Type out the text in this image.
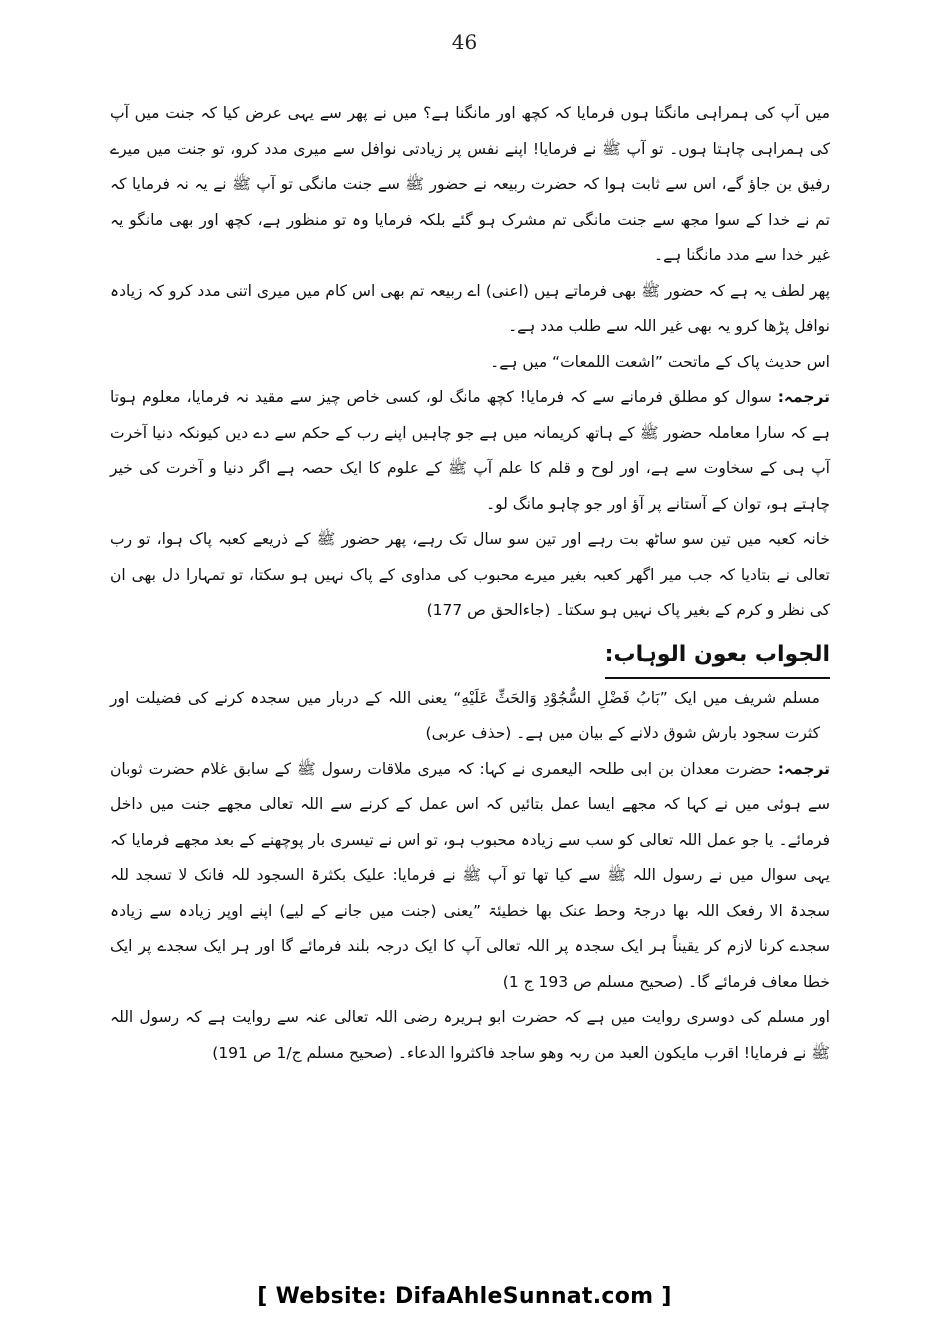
46

میں آپ کی ہمراہی مانگتا ہوں فرمایا کہ کچھ اور مانگنا ہے؟ میں نے پھر سے یہی عرض کیا کہ جنت میں آپ کی ہمراہی چاہتا ہوں۔ تو آپ ﷺ نے فرمایا! اپنے نفس پر زیادتی نوافل سے میری مدد کرو، تو جنت میں میرے رفیق بن جاؤ گے، اس سے ثابت ہوا کہ حضرت ربیعہ نے حضور ﷺ سے جنت مانگی تو آپ ﷺ نے یہ نہ فرمایا کہ تم نے خدا کے سوا مجھ سے جنت مانگی تم مشرک ہو گئے بلکہ فرمایا وہ تو منظور ہے، کچھ اور بھی مانگو یہ غیر خدا سے مدد مانگنا ہے۔

پھر لطف یہ ہے کہ حضور ﷺ بھی فرماتے ہیں (اعنی) اے ربیعہ تم بھی اس کام میں میری اتنی مدد کرو کہ زیادہ نوافل پڑھا کرو یہ بھی غیر اللہ سے طلب مدد ہے۔

اس حدیث پاک کے ماتحت ”اشعت اللمعات“ میں ہے۔

ترجمہ: سوال کو مطلق فرمانے سے کہ فرمایا! کچھ مانگ لو، کسی خاص چیز سے مقید نہ فرمایا، معلوم ہوتا ہے کہ سارا معاملہ حضور ﷺ کے ہاتھ کریمانہ میں ہے جو چاہیں اپنے رب کے حکم سے دے دیں کیونکہ دنیا آخرت آپ ہی کے سخاوت سے ہے، اور لوح و قلم کا علم آپ ﷺ کے علوم کا ایک حصہ ہے اگر دنیا و آخرت کی خیر چاہتے ہو، توان کے آستانے پر آؤ اور جو چاہو مانگ لو۔

خانہ کعبہ میں تین سو ساٹھ بت رہے اور تین سو سال تک رہے، پھر حضور ﷺ کے ذریعے کعبہ پاک ہوا، تو رب تعالی نے بتادیا کہ جب میر اگھر کعبہ بغیر میرے محبوب کی مداوی کے پاک نہیں ہو سکتا، تو تمہارا دل بھی ان کی نظر و کرم کے بغیر پاک نہیں ہو سکتا۔ (جاءالحق ص 177)

الجواب بعون الوہاب:

مسلم شریف میں ایک ”بَابُ فَضْلِ السُّجُوْدِ وَالحَثِّ عَلَيْهِ“ یعنی اللہ کے دربار میں سجدہ کرنے کی فضیلت اور کثرت سجود بارش شوق دلانے کے بیان میں ہے۔ (حذف عربی)

ترجمہ: حضرت معدان بن ابی طلحہ الیعمری نے کہا: کہ میری ملاقات رسول ﷺ کے سابق غلام حضرت ثوبان سے ہوئی میں نے کہا کہ مجھے ایسا عمل بتائیں کہ اس عمل کے کرنے سے اللہ تعالی مجھے جنت میں داخل فرمائے۔ یا جو عمل اللہ تعالی کو سب سے زیادہ محبوب ہو، تو اس نے تیسری بار پوچھنے کے بعد مجھے فرمایا کہ یہی سوال میں نے رسول اللہ ﷺ سے کیا تھا تو آپ ﷺ نے فرمایا: علیک بکثرۃ السجود للہ فانک لا تسجد للہ سجدۃ الا رفعک اللہ بھا درجۃ وحط عنک بھا خطیئۃ ”یعنی (جنت میں جانے کے لیے) اپنے اوپر زیادہ سے زیادہ سجدے کرنا لازم کر یقیناً ہر ایک سجدہ پر اللہ تعالی آپ کا ایک درجہ بلند فرمائے گا اور ہر ایک سجدے پر ایک خطا معاف فرمائے گا۔ (صحیح مسلم ص 193 ج 1)

اور مسلم کی دوسری روایت میں ہے کہ حضرت ابو ہریرہ رضی اللہ تعالی عنہ سے روایت ہے کہ رسول اللہ ﷺ نے فرمایا! اقرب مایکون العبد من ربہ وھو ساجد فاکثروا الدعاء۔ (صحیح مسلم ج/1 ص 191)

[ Website: DifaAhleSunnat.com ]
